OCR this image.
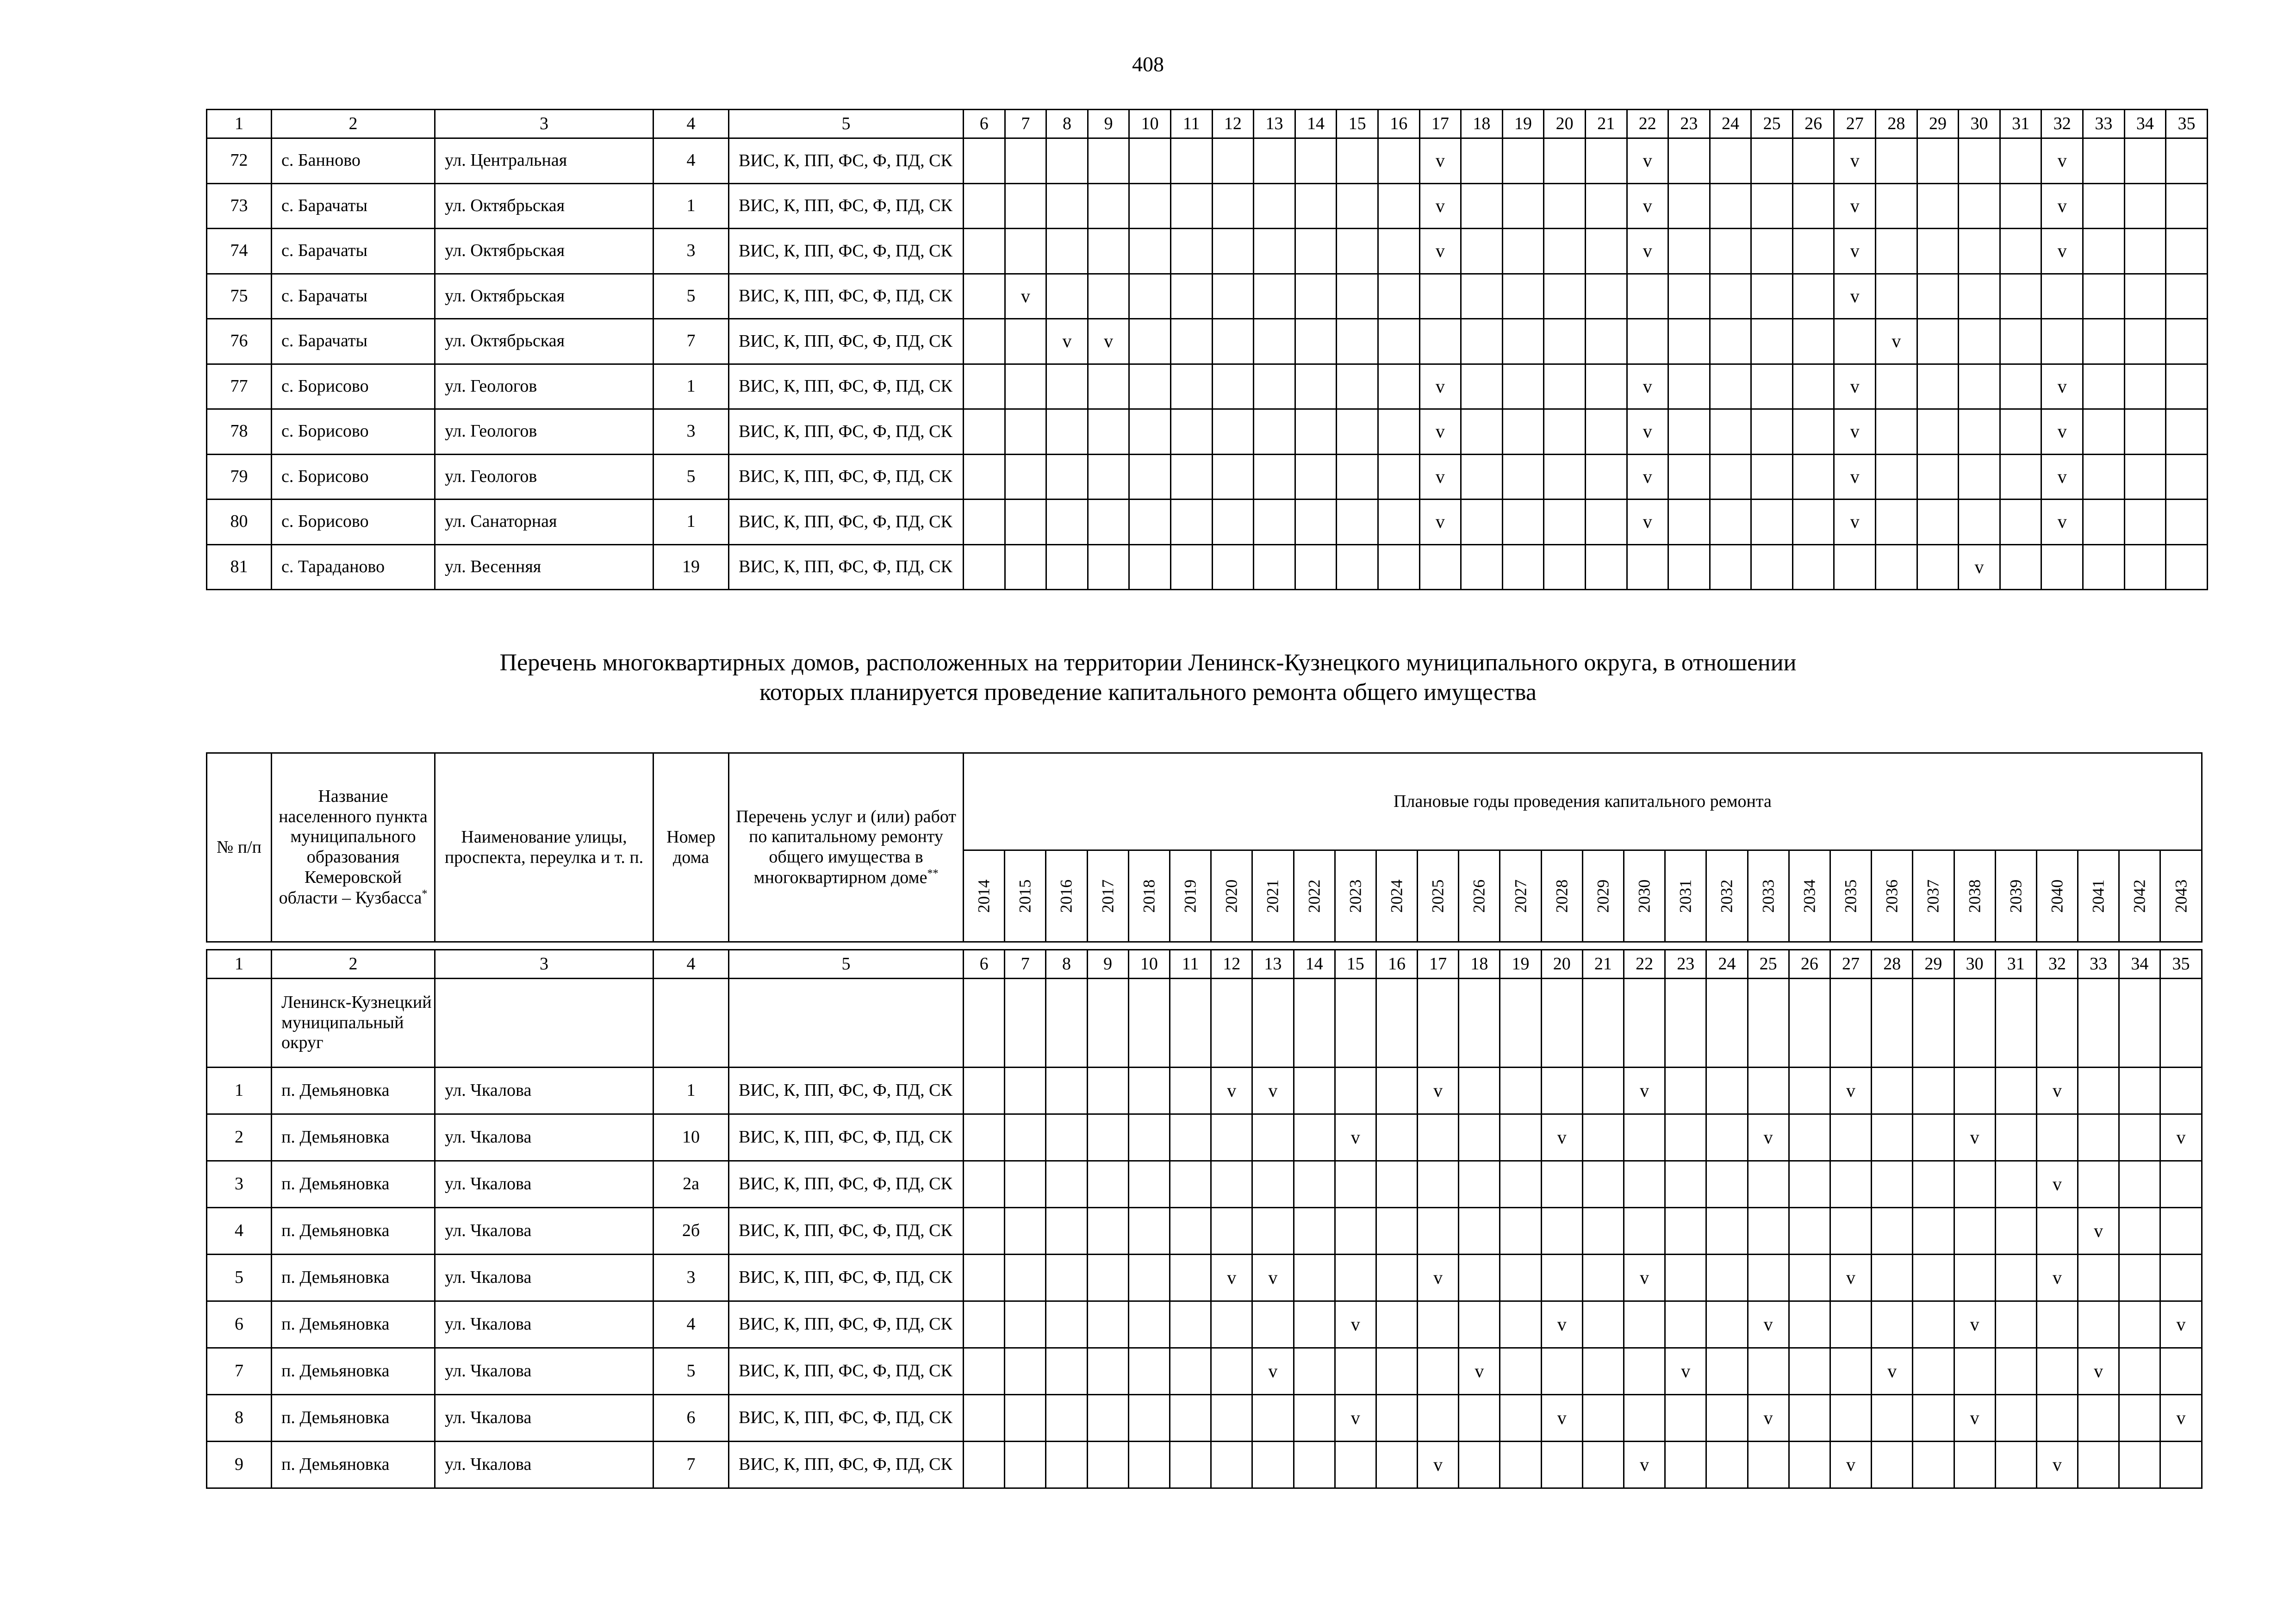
408
1	2	3	4	5	6	7	8	9	10	11	12	13	14	15	16	17	18	19	20	21	22	23	24	25	26	27	28	29	30	31	32	33	34	35
72	с. Банново	ул. Центральная	4	ВИС, К, ПП, ФС, Ф, ПД, СК												v					v					v					v			
73	с. Барачаты	ул. Октябрьская	1	ВИС, К, ПП, ФС, Ф, ПД, СК												v					v					v					v			
74	с. Барачаты	ул. Октябрьская	3	ВИС, К, ПП, ФС, Ф, ПД, СК												v					v					v					v			
75	с. Барачаты	ул. Октябрьская	5	ВИС, К, ПП, ФС, Ф, ПД, СК		v																				v								
76	с. Барачаты	ул. Октябрьская	7	ВИС, К, ПП, ФС, Ф, ПД, СК			v	v																			v							
77	с. Борисово	ул. Геологов	1	ВИС, К, ПП, ФС, Ф, ПД, СК												v					v					v					v			
78	с. Борисово	ул. Геологов	3	ВИС, К, ПП, ФС, Ф, ПД, СК												v					v					v					v			
79	с. Борисово	ул. Геологов	5	ВИС, К, ПП, ФС, Ф, ПД, СК												v					v					v					v			
80	с. Борисово	ул. Санаторная	1	ВИС, К, ПП, ФС, Ф, ПД, СК												v					v					v					v			
81	с. Тараданово	ул. Весенняя	19	ВИС, К, ПП, ФС, Ф, ПД, СК																									v					
Перечень многоквартирных домов, расположенных на территории Ленинск-Кузнецкого муниципального округа, в отношении
которых планируется проведение капитального ремонта общего имущества
№ п/п	Название населенного пункта муниципального образования Кемеровской области – Кузбасса*	Наименование улицы, проспекта, переулка и т. п.	Номер дома	Перечень услуг и (или) работ по капитальному ремонту общего имущества в многоквартирном доме**	Плановые годы проведения капитального ремонта																													
					2014	2015	2016	2017	2018	2019	2020	2021	2022	2023	2024	2025	2026	2027	2028	2029	2030	2031	2032	2033	2034	2035	2036	2037	2038	2039	2040	2041	2042	2043
1	2	3	4	5	6	7	8	9	10	11	12	13	14	15	16	17	18	19	20	21	22	23	24	25	26	27	28	29	30	31	32	33	34	35
	Ленинск-Кузнецкий муниципальный округ																																	
1	п. Демьяновка	ул. Чкалова	1	ВИС, К, ПП, ФС, Ф, ПД, СК							v	v				v					v					v					v			
2	п. Демьяновка	ул. Чкалова	10	ВИС, К, ПП, ФС, Ф, ПД, СК										v					v					v					v					v
3	п. Демьяновка	ул. Чкалова	2а	ВИС, К, ПП, ФС, Ф, ПД, СК																											v			
4	п. Демьяновка	ул. Чкалова	2б	ВИС, К, ПП, ФС, Ф, ПД, СК																												v		
5	п. Демьяновка	ул. Чкалова	3	ВИС, К, ПП, ФС, Ф, ПД, СК							v	v				v					v					v					v			
6	п. Демьяновка	ул. Чкалова	4	ВИС, К, ПП, ФС, Ф, ПД, СК										v					v					v					v					v
7	п. Демьяновка	ул. Чкалова	5	ВИС, К, ПП, ФС, Ф, ПД, СК								v					v					v					v					v		
8	п. Демьяновка	ул. Чкалова	6	ВИС, К, ПП, ФС, Ф, ПД, СК										v					v					v					v					v
9	п. Демьяновка	ул. Чкалова	7	ВИС, К, ПП, ФС, Ф, ПД, СК												v					v					v					v			
